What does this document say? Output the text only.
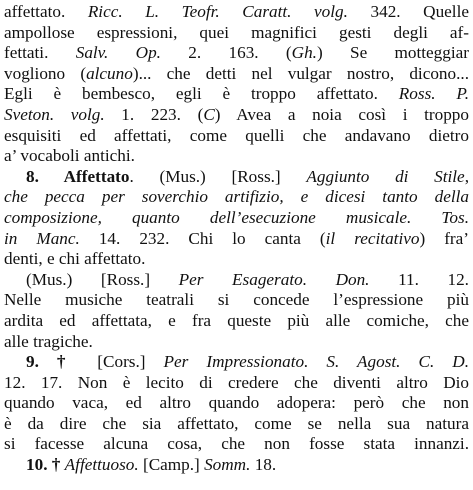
affettato. Ricc. L. Teofr. Caratt. volg. 342. Quelle
ampollose espressioni, quei magnifici gesti degli af-
fettati. Salv. Op. 2. 163. (Gh.) Se motteggiar
vogliono (alcuno)... che detti nel vulgar nostro, dicono...
Egli è bembesco, egli è troppo affettato. Ross. P.
Sveton. volg. 1. 223. (C) Avea a noia così i troppo
esquisiti ed affettati, come quelli che andavano dietro
a’ vocaboli antichi.
8. Affettato. (Mus.) [Ross.] Aggiunto di Stile,
che pecca per soverchio artifizio, e dicesi tanto della
composizione, quanto dell’esecuzione musicale. Tos.
in Manc. 14. 232. Chi lo canta (il recitativo) fra’
denti, e chi affettato.
(Mus.) [Ross.] Per Esagerato. Don. 11. 12.
Nelle musiche teatrali si concede l’espressione più
ardita ed affettata, e fra queste più alle comiche, che
alle tragiche.
9. † [Cors.] Per Impressionato. S. Agost. C. D.
12. 17. Non è lecito di credere che diventi altro Dio
quando vaca, ed altro quando adopera: però che non
è da dire che sia affettato, come se nella sua natura
si facesse alcuna cosa, che non fosse stata innanzi.
10. † Affettuoso. [Camp.] Somm. 18.
